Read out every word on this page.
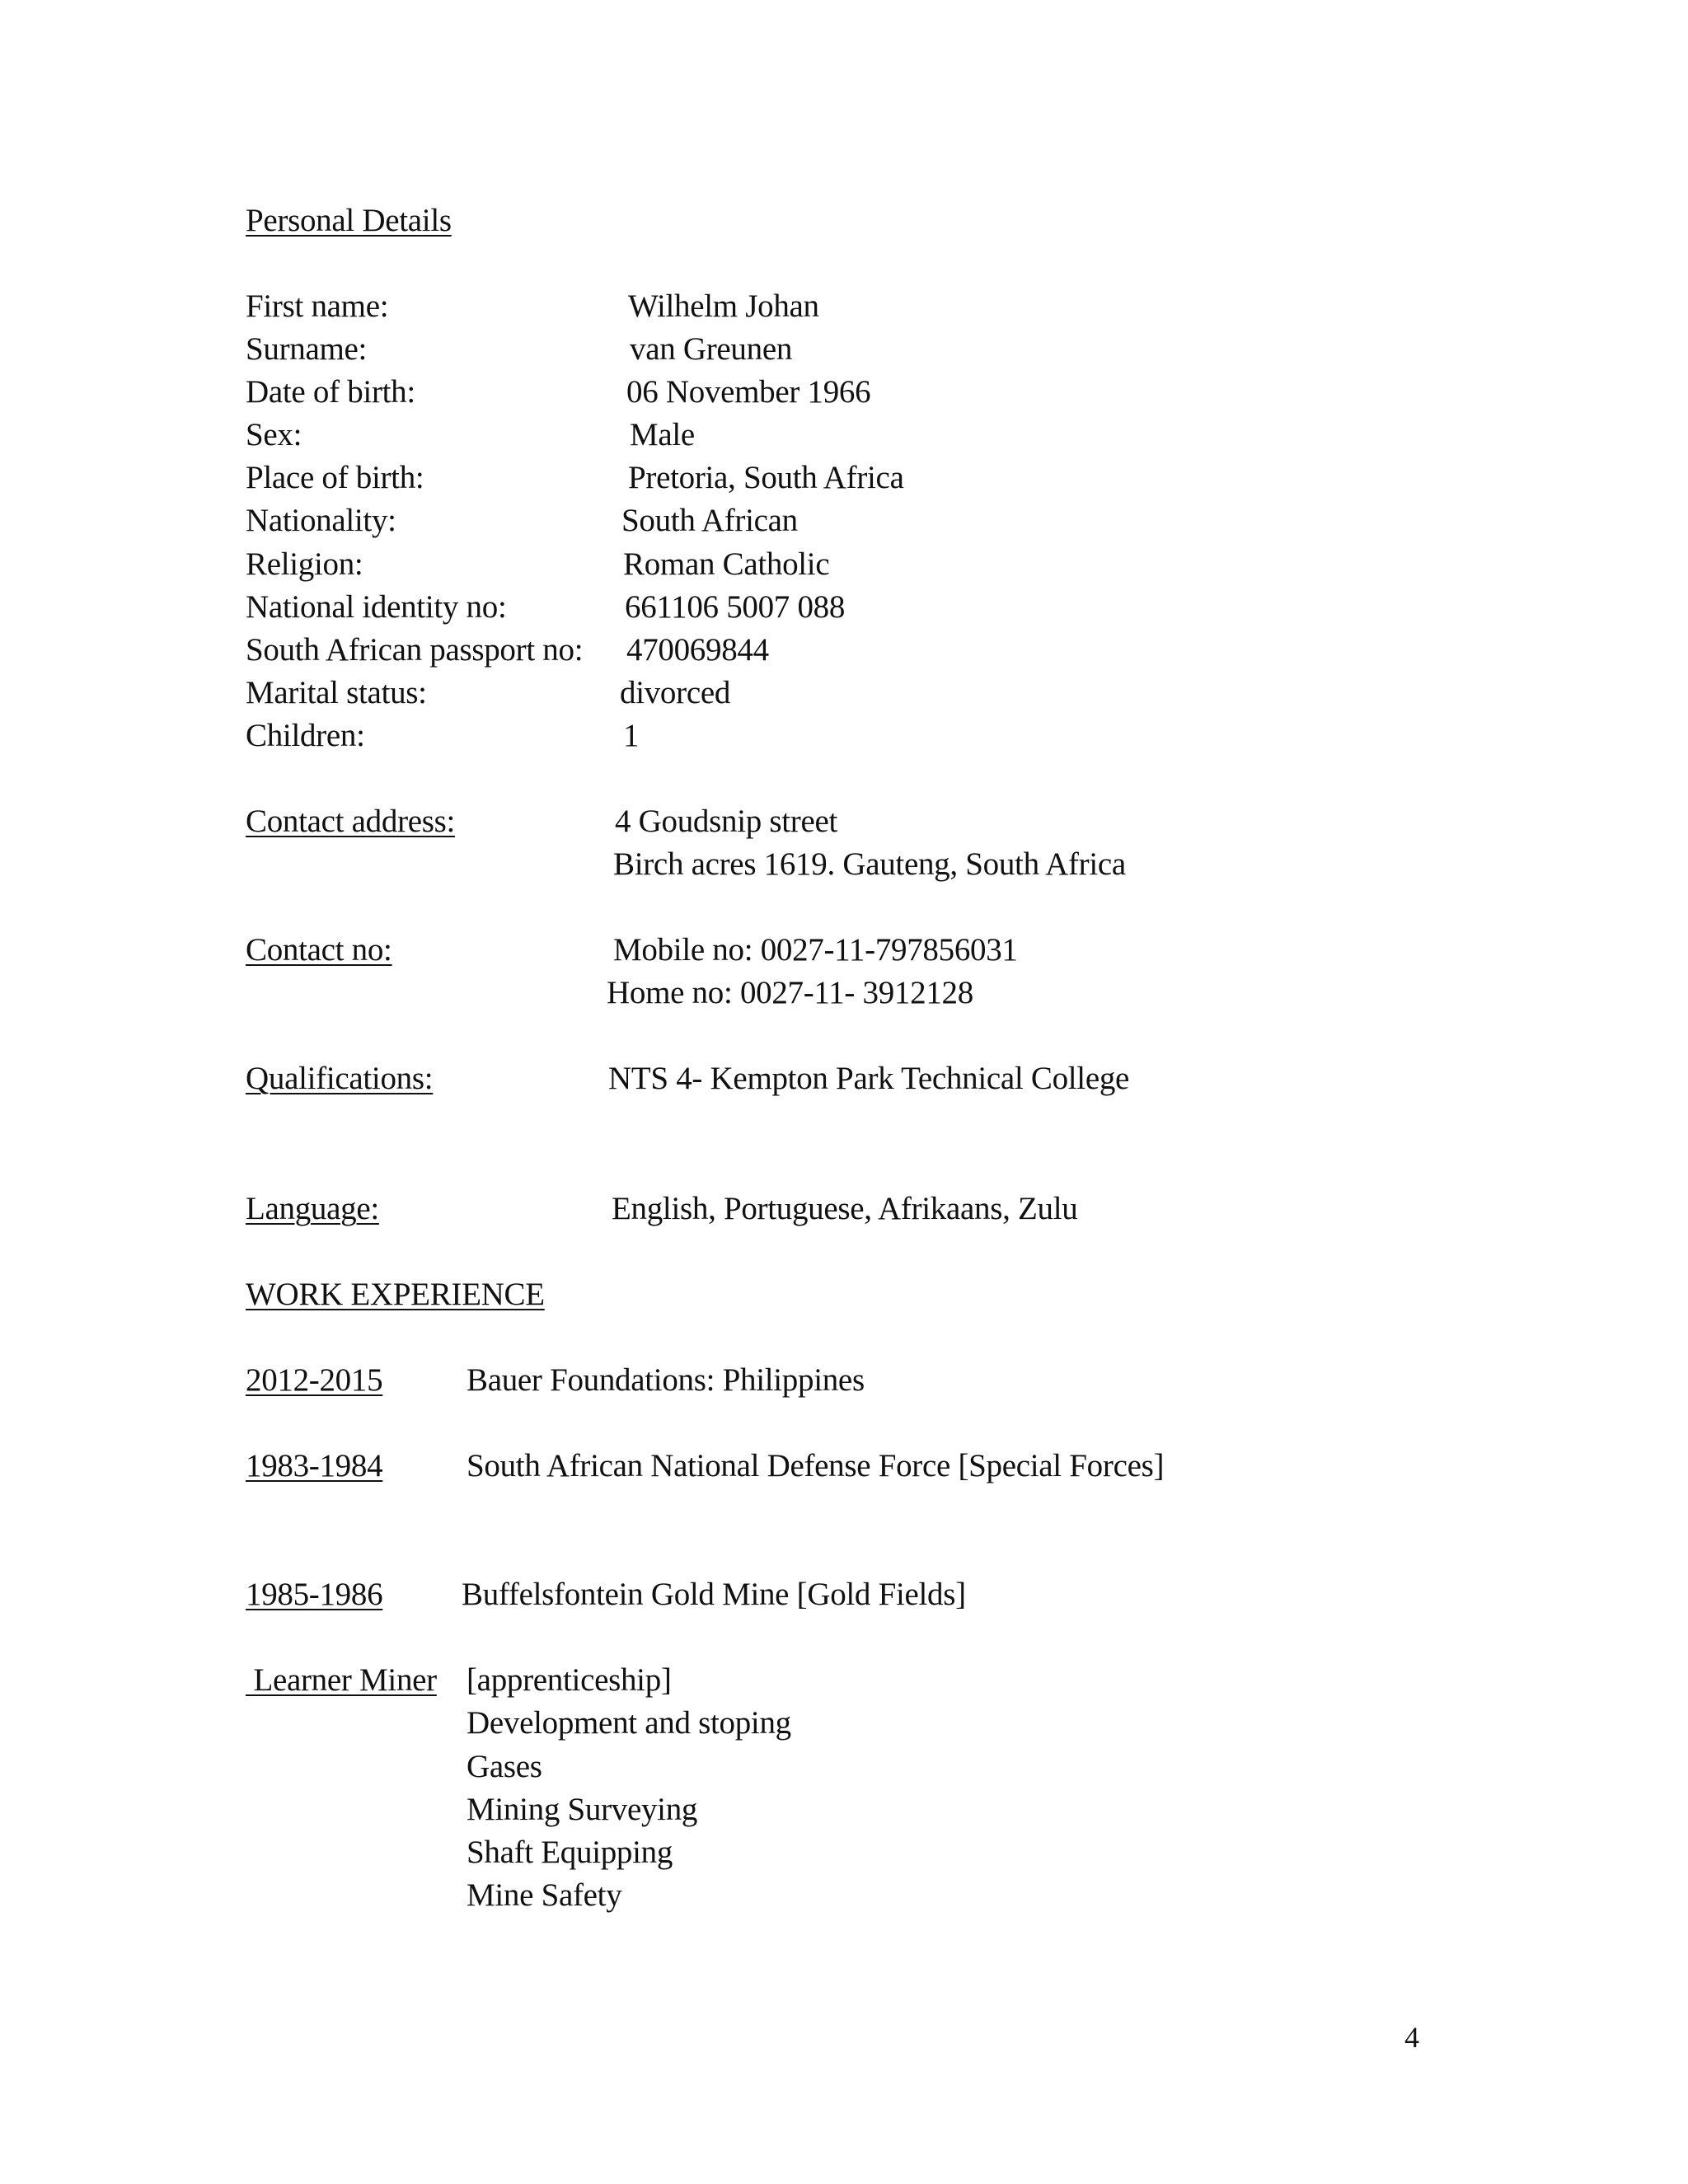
Personal Details
First name:	Wilhelm Johan
Surname:	van Greunen
Date of birth:	06 November 1966
Sex:	Male
Place of birth:	Pretoria, South Africa
Nationality:	South African
Religion:	Roman Catholic
National identity no:	661106 5007 088
South African passport no: 470069844
Marital status:	divorced
Children:	1
Contact address:	4 Goudsnip street
Birch acres 1619. Gauteng, South Africa
Contact no:	Mobile no: 0027-11-797856031
Home no: 0027-11- 3912128
Qualifications:	NTS 4- Kempton Park Technical College
Language:	English, Portuguese, Afrikaans, Zulu
WORK EXPERIENCE
2012-2015	Bauer Foundations: Philippines
1983-1984	South African National Defense Force [Special Forces]
1985-1986 Buffelsfontein Gold Mine [Gold Fields]
Learner Miner [apprenticeship]
Development and stoping
Gases
Mining Surveying
Shaft Equipping
Mine Safety
4
